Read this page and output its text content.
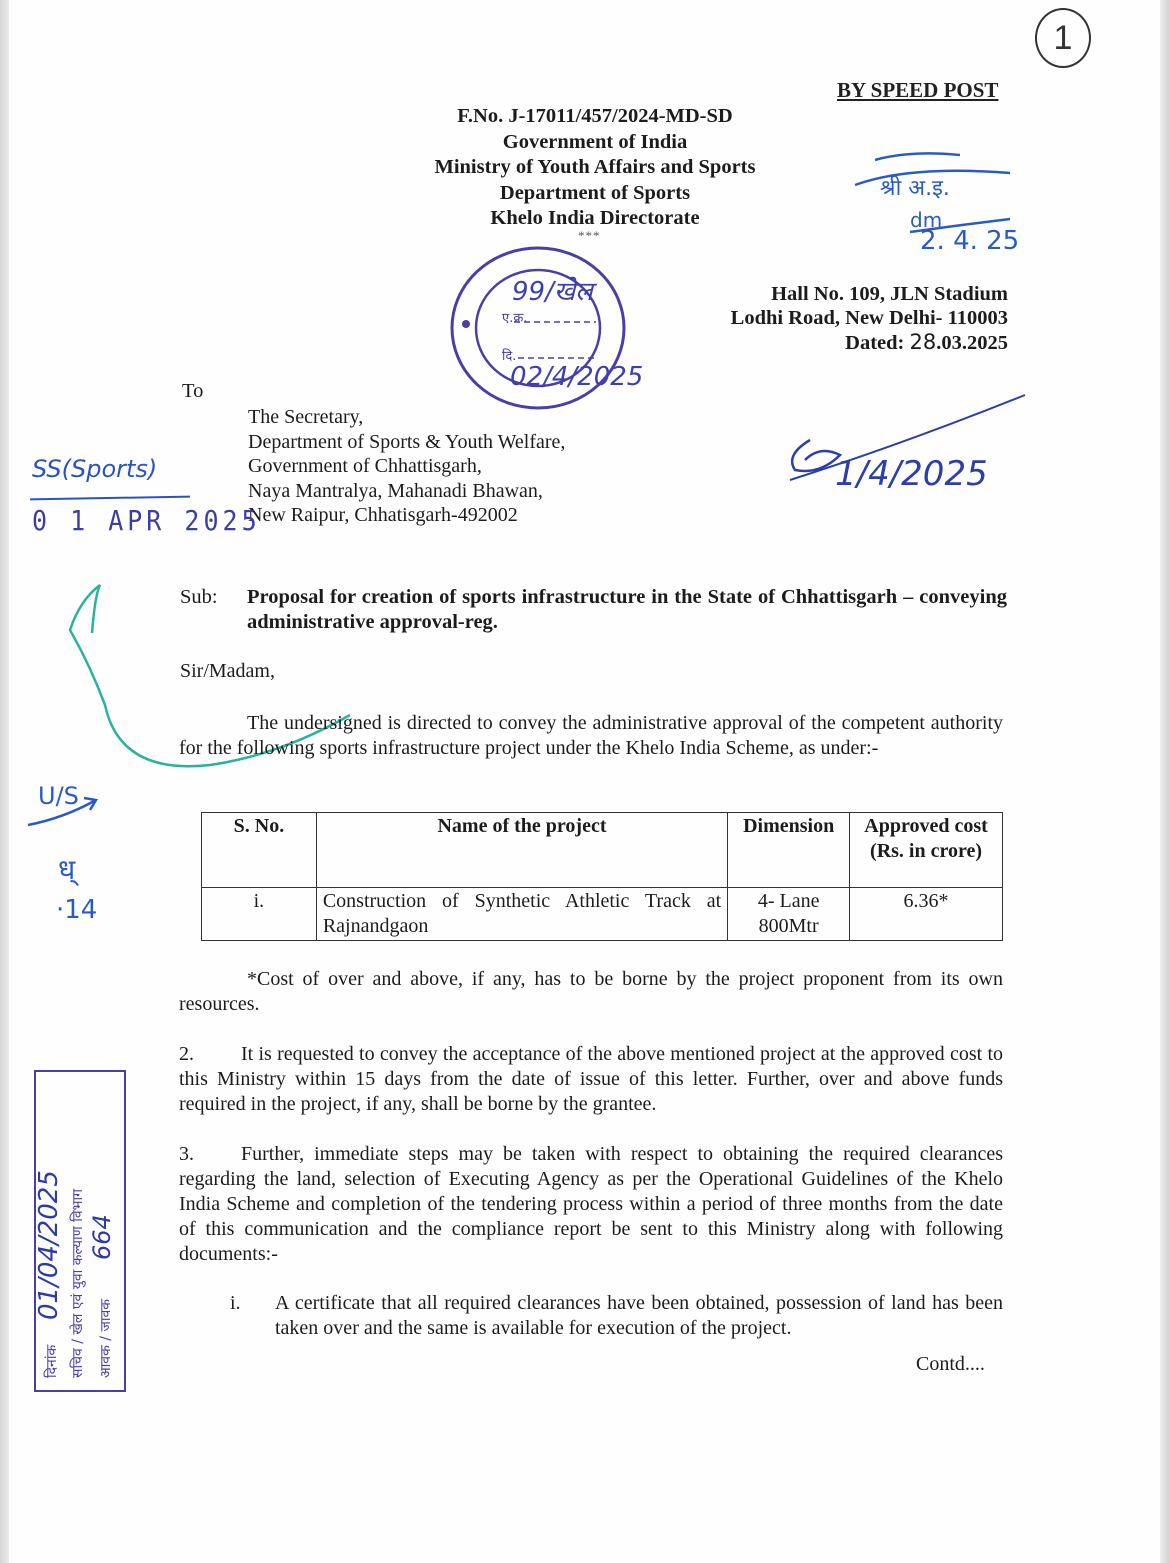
1
BY SPEED POST
F.No. J-17011/457/2024-MD-SD
Government of India
Ministry of Youth Affairs and Sports
Department of Sports
Khelo India Directorate
***
ए.क्र.
दि.
99/खेल
02/4/2025
श्री अ.इ.
dm
2. 4. 25
Hall No. 109, JLN Stadium
Lodhi Road, New Delhi- 110003
Dated: 28.03.2025
1/4/2025
To
The Secretary,
Department of Sports & Youth Welfare,
Government of Chhattisgarh,
Naya Mantralya, Mahanadi Bhawan,
New Raipur, Chhatisgarh-492002
SS(Sports)
0 1 APR 2025
U/S
ध्
·14
Sub: Proposal for creation of sports infrastructure in the State of Chhattisgarh – conveying administrative approval-reg.
Sir/Madam,
The undersigned is directed to convey the administrative approval of the competent authority for the following sports infrastructure project under the Khelo India Scheme, as under:-
S. No.	Name of the project	Dimension	Approved cost (Rs. in crore)
i.	Construction of Synthetic Athletic Track at Rajnandgaon	4- Lane 800Mtr	6.36*
*Cost of over and above, if any, has to be borne by the project proponent from its own resources.
2. It is requested to convey the acceptance of the above mentioned project at the approved cost to this Ministry within 15 days from the date of issue of this letter. Further, over and above funds required in the project, if any, shall be borne by the grantee.
3. Further, immediate steps may be taken with respect to obtaining the required clearances regarding the land, selection of Executing Agency as per the Operational Guidelines of the Khelo India Scheme and completion of the tendering process within a period of three months from the date of this communication and the compliance report be sent to this Ministry along with following documents:-
i. A certificate that all required clearances have been obtained, possession of land has been taken over and the same is available for execution of the project.
Contd....
आवक / जावक
664
सचिव / खेल एवं युवा कल्याण विभाग
दिनांक
01/04/2025
